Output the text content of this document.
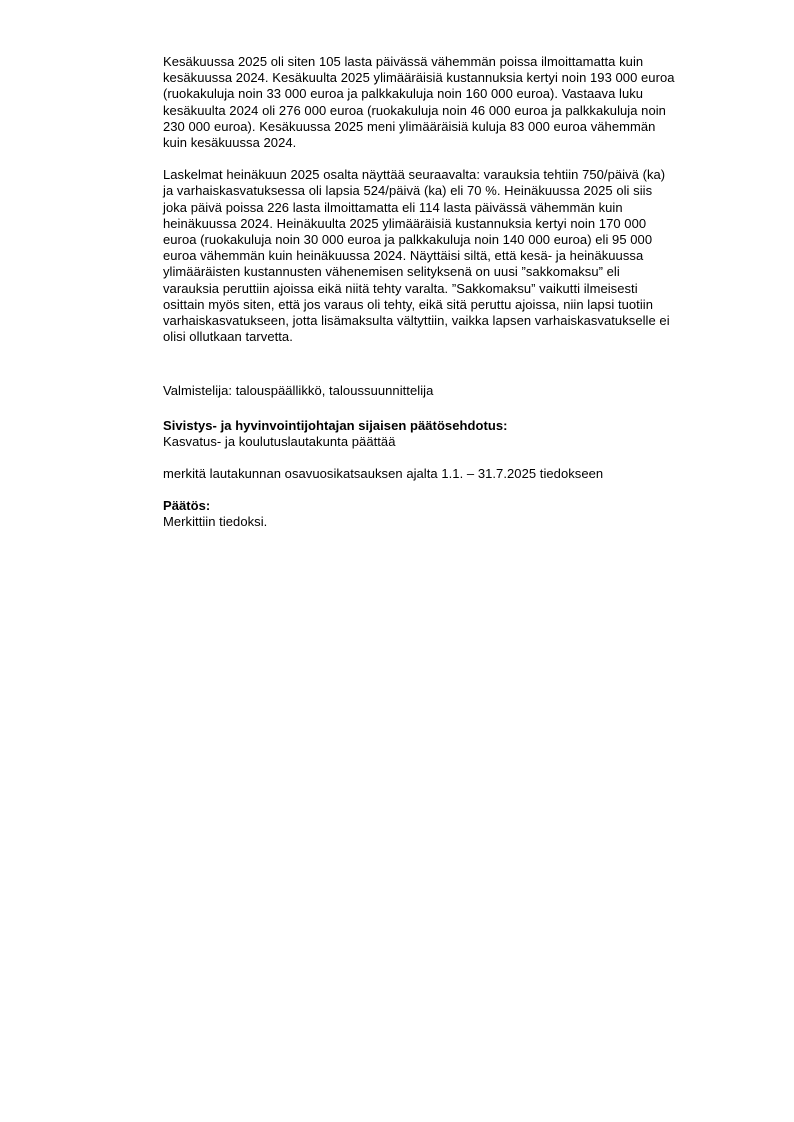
Kesäkuussa 2025 oli siten 105 lasta päivässä vähemmän poissa ilmoittamatta kuin
kesäkuussa 2024. Kesäkuulta 2025 ylimääräisiä kustannuksia kertyi noin 193 000 euroa
(ruokakuluja noin 33 000 euroa ja palkkakuluja noin 160 000 euroa). Vastaava luku
kesäkuulta 2024 oli 276 000 euroa (ruokakuluja noin 46 000 euroa ja palkkakuluja noin
230 000 euroa). Kesäkuussa 2025 meni ylimääräisiä kuluja 83 000 euroa vähemmän
kuin kesäkuussa 2024.

Laskelmat heinäkuun 2025 osalta näyttää seuraavalta: varauksia tehtiin 750/päivä (ka)
ja varhaiskasvatuksessa oli lapsia 524/päivä (ka) eli 70 %. Heinäkuussa 2025 oli siis
joka päivä poissa 226 lasta ilmoittamatta eli 114 lasta päivässä vähemmän kuin
heinäkuussa 2024. Heinäkuulta 2025 ylimääräisiä kustannuksia kertyi noin 170 000
euroa (ruokakuluja noin 30 000 euroa ja palkkakuluja noin 140 000 euroa) eli 95 000
euroa vähemmän kuin heinäkuussa 2024. Näyttäisi siltä, että kesä- ja heinäkuussa
ylimääräisten kustannusten vähenemisen selityksenä on uusi ”sakkomaksu” eli
varauksia peruttiin ajoissa eikä niitä tehty varalta. ”Sakkomaksu” vaikutti ilmeisesti
osittain myös siten, että jos varaus oli tehty, eikä sitä peruttu ajoissa, niin lapsi tuotiin
varhaiskasvatukseen, jotta lisämaksulta vältyttiin, vaikka lapsen varhaiskasvatukselle ei
olisi ollutkaan tarvetta.

Valmistelija: talouspäällikkö, taloussuunnittelija

Sivistys- ja hyvinvointijohtajan sijaisen päätösehdotus:
Kasvatus- ja koulutuslautakunta päättää

merkitä lautakunnan osavuosikatsauksen ajalta 1.1. – 31.7.2025 tiedokseen

Päätös:
Merkittiin tiedoksi.
